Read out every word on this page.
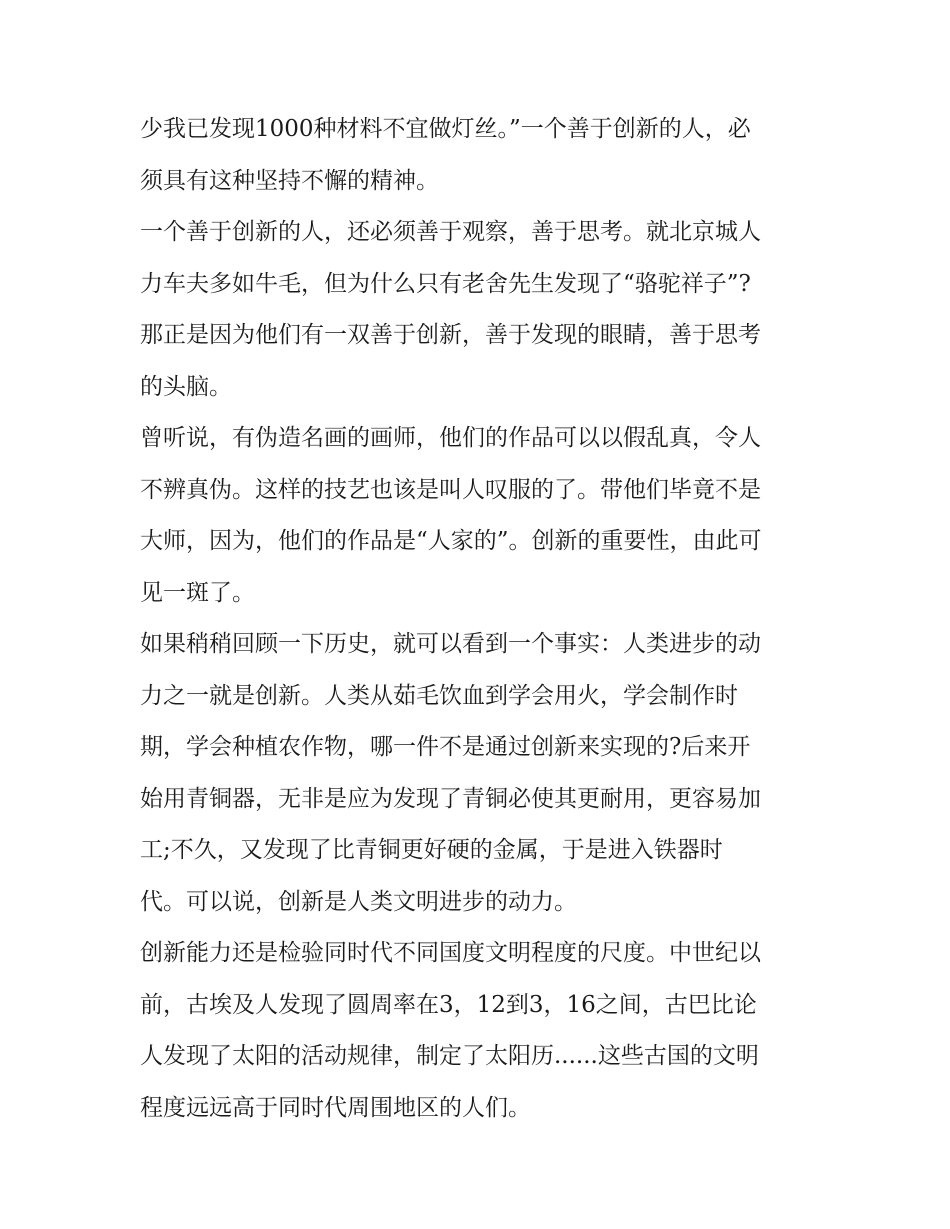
少我已发现1000种材料不宜做灯丝。”一个善于创新的人，必
须具有这种坚持不懈的精神。
一个善于创新的人，还必须善于观察，善于思考。就北京城人
力车夫多如牛毛，但为什么只有老舍先生发现了“骆驼祥子”?
那正是因为他们有一双善于创新，善于发现的眼睛，善于思考
的头脑。
曾听说，有伪造名画的画师，他们的作品可以以假乱真，令人
不辨真伪。这样的技艺也该是叫人叹服的了。带他们毕竟不是
大师，因为，他们的作品是“人家的”。创新的重要性，由此可
见一斑了。
如果稍稍回顾一下历史，就可以看到一个事实：人类进步的动
力之一就是创新。人类从茹毛饮血到学会用火，学会制作时
期，学会种植农作物，哪一件不是通过创新来实现的?后来开
始用青铜器，无非是应为发现了青铜必使其更耐用，更容易加
工;不久，又发现了比青铜更好硬的金属，于是进入铁器时
代。可以说，创新是人类文明进步的动力。
创新能力还是检验同时代不同国度文明程度的尺度。中世纪以
前，古埃及人发现了圆周率在3，12到3，16之间，古巴比论
人发现了太阳的活动规律，制定了太阳历......这些古国的文明
程度远远高于同时代周围地区的人们。
